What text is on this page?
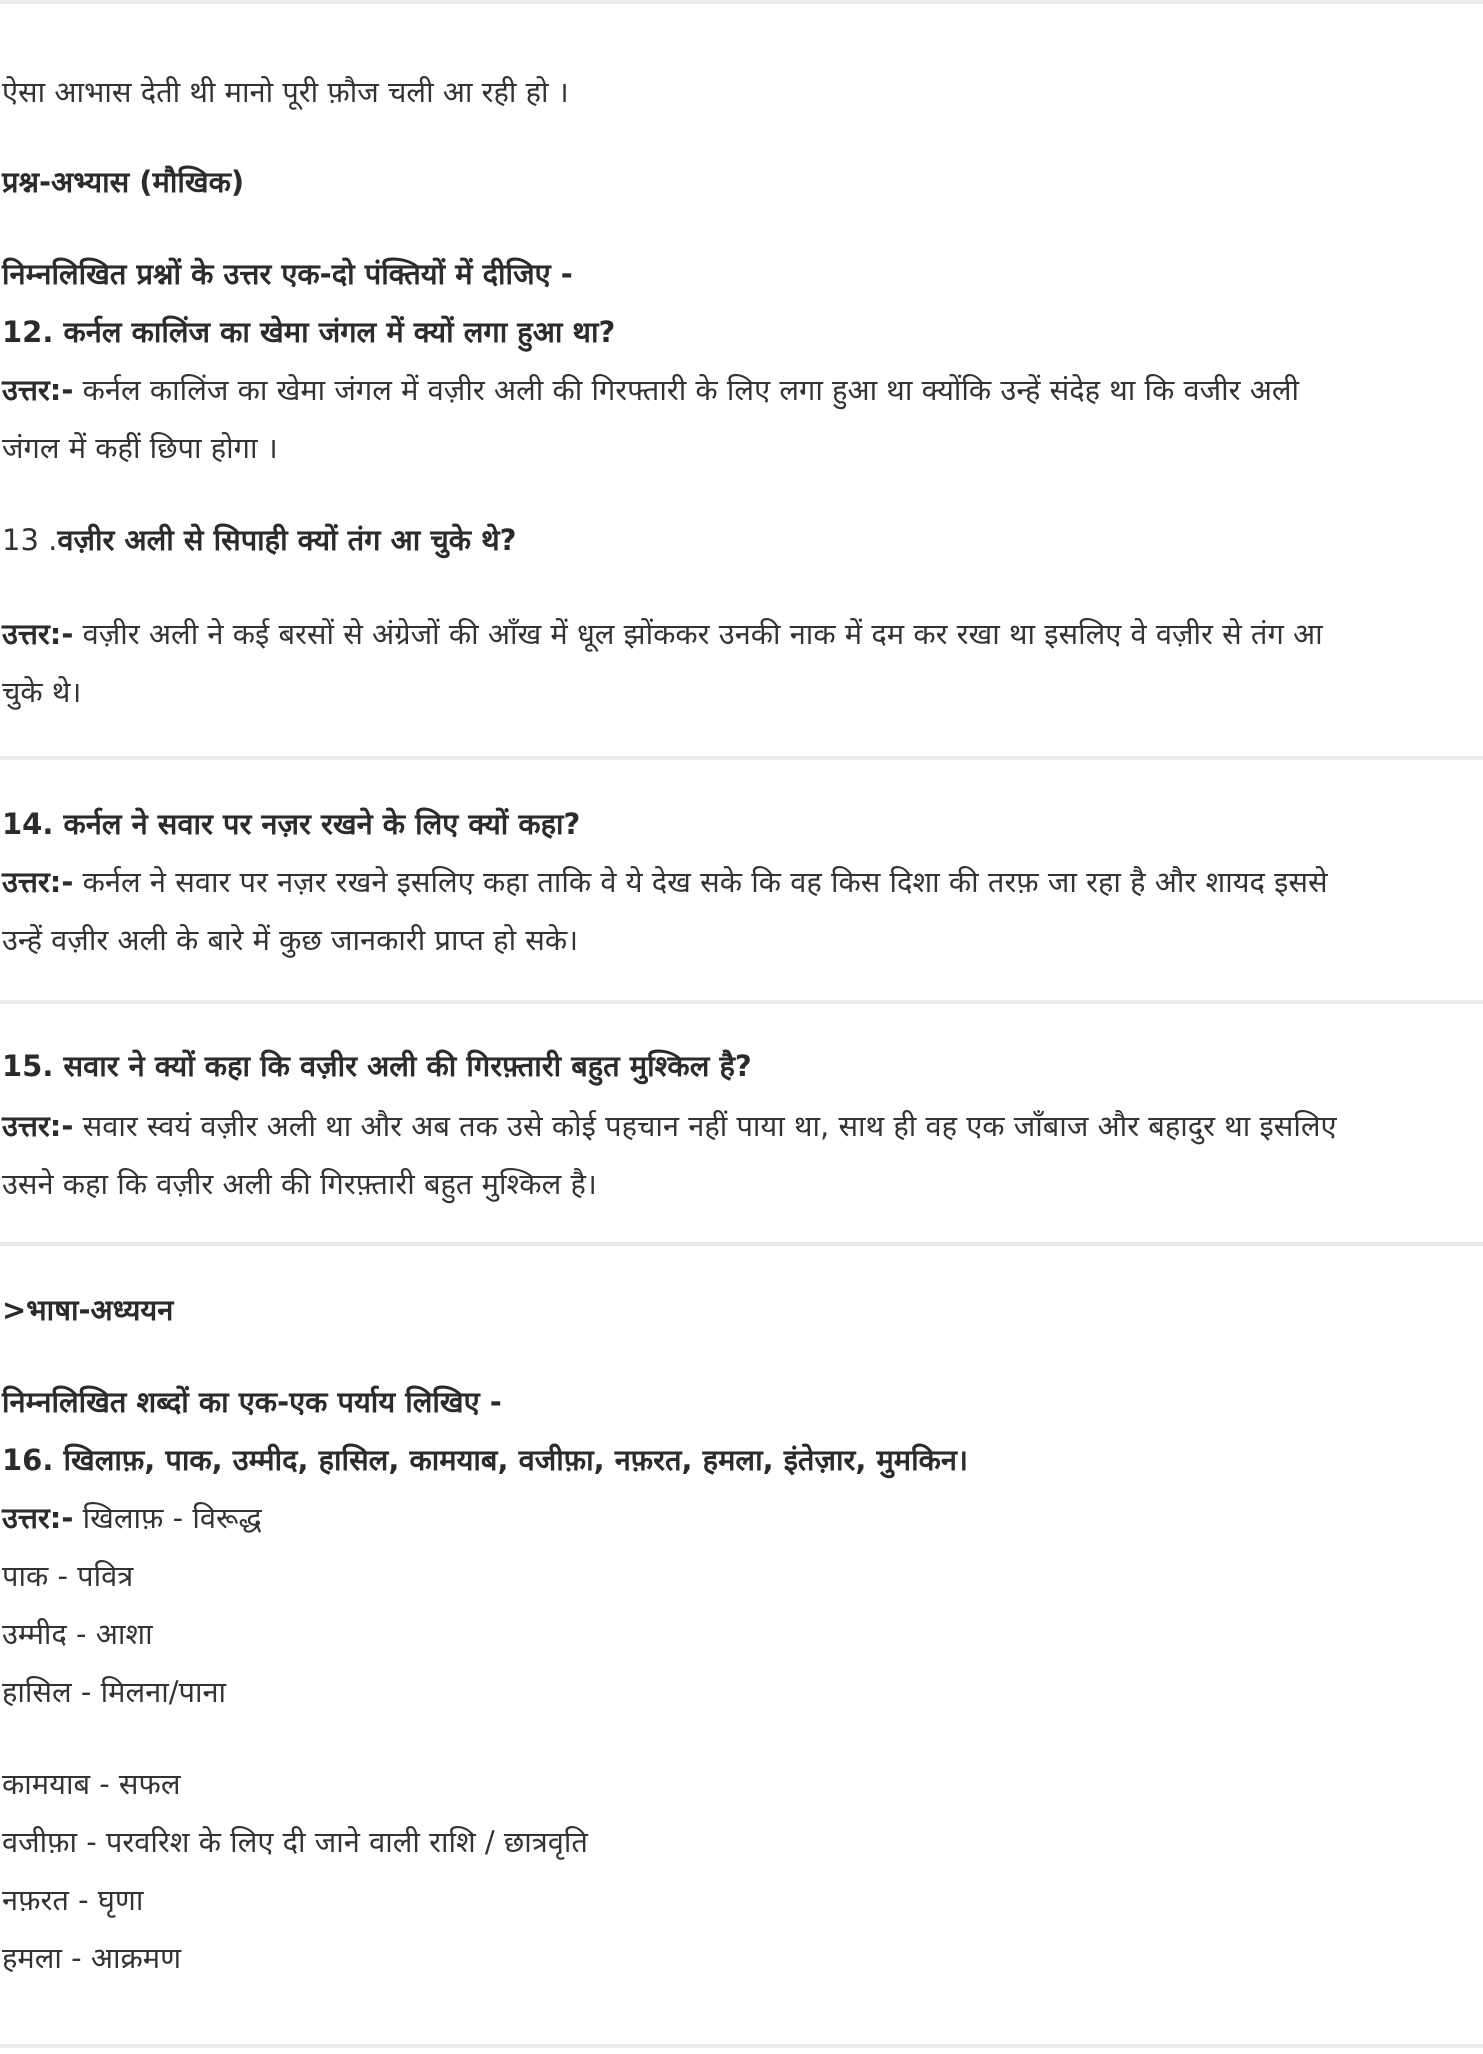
ऐसा आभास देती थी मानो पूरी फ़ौज चली आ रही हो ।
प्रश्न-अभ्यास (मौखिक)
निम्नलिखित प्रश्नों के उत्तर एक-दो पंक्तियों में दीजिए -
12. कर्नल कालिंज का खेमा जंगल में क्यों लगा हुआ था?
उत्तर:- कर्नल कालिंज का खेमा जंगल में वज़ीर अली की गिरफ्तारी के लिए लगा हुआ था क्योंकि उन्हें संदेह था कि वजीर अली
जंगल में कहीं छिपा होगा ।
13 .वज़ीर अली से सिपाही क्यों तंग आ चुके थे?
उत्तर:- वज़ीर अली ने कई बरसों से अंग्रेजों की आँख में धूल झोंककर उनकी नाक में दम कर रखा था इसलिए वे वज़ीर से तंग आ
चुके थे।
14. कर्नल ने सवार पर नज़र रखने के लिए क्यों कहा?
उत्तर:- कर्नल ने सवार पर नज़र रखने इसलिए कहा ताकि वे ये देख सके कि वह किस दिशा की तरफ़ जा रहा है और शायद इससे
उन्हें वज़ीर अली के बारे में कुछ जानकारी प्राप्त हो सके।
15. सवार ने क्यों कहा कि वज़ीर अली की गिरफ़्तारी बहुत मुश्किल है?
उत्तर:- सवार स्वयं वज़ीर अली था और अब तक उसे कोई पहचान नहीं पाया था, साथ ही वह एक जाँबाज और बहादुर था इसलिए
उसने कहा कि वज़ीर अली की गिरफ़्तारी बहुत मुश्किल है।
>भाषा-अध्ययन
निम्नलिखित शब्दों का एक-एक पर्याय लिखिए -
16. खिलाफ़, पाक, उम्मीद, हासिल, कामयाब, वजीफ़ा, नफ़रत, हमला, इंतेज़ार, मुमकिन।
उत्तर:- खिलाफ़ - विरूद्ध
पाक - पवित्र
उम्मीद - आशा
हासिल - मिलना/पाना
कामयाब - सफल
वजीफ़ा - परवरिश के लिए दी जाने वाली राशि / छात्रवृति
नफ़रत - घृणा
हमला - आक्रमण
